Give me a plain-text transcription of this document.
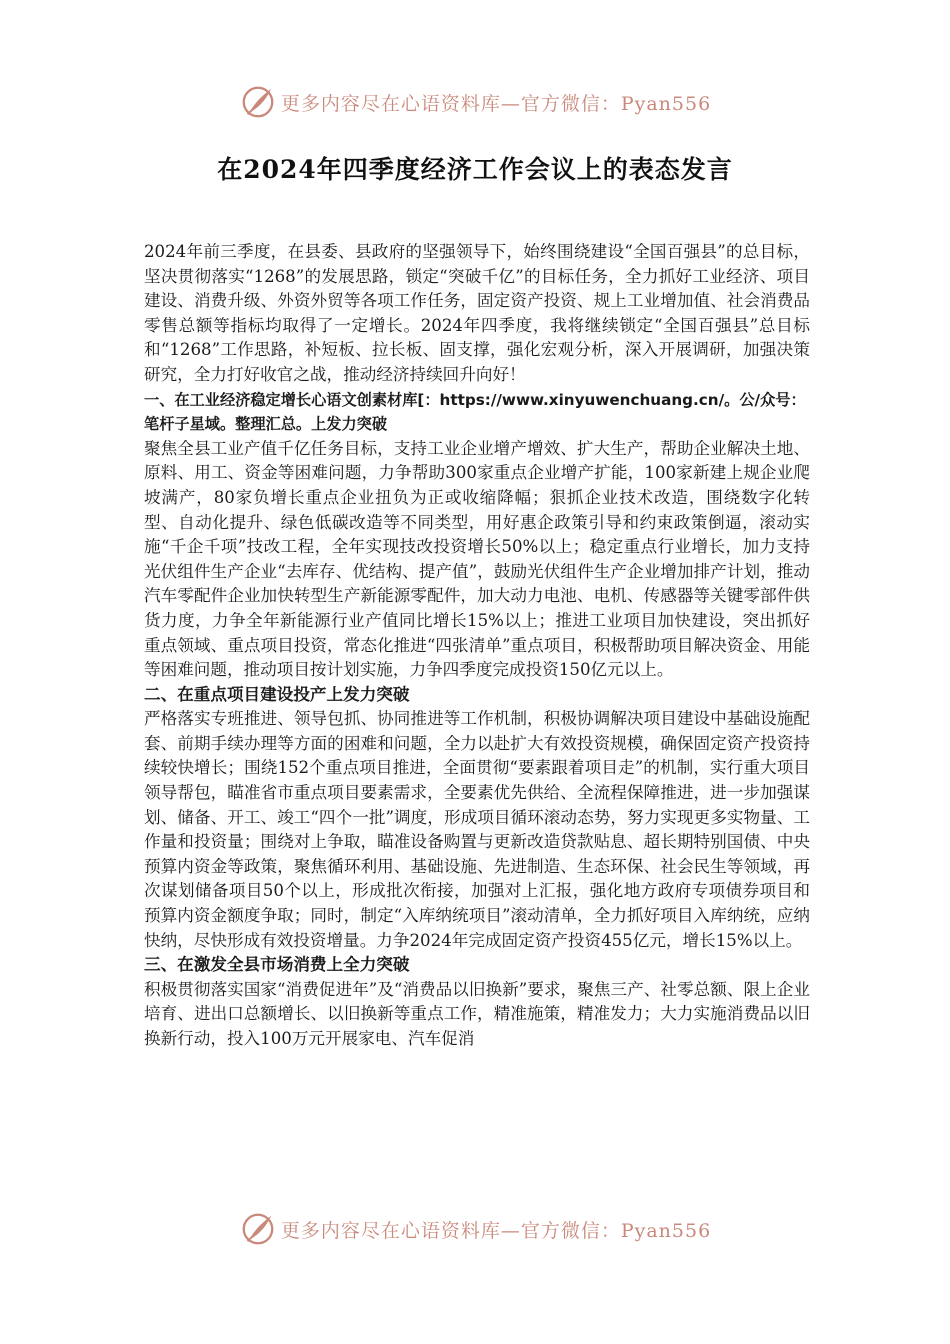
更多内容尽在心语资料库—官方微信：Pyan556
在2024年四季度经济工作会议上的表态发言

2024年前三季度，在县委、县政府的坚强领导下，始终围绕建设“全国百强县”的总目标，坚决贯彻落实“1268”的发展思路，锁定“突破千亿”的目标任务，全力抓好工业经济、项目建设、消费升级、外资外贸等各项工作任务，固定资产投资、规上工业增加值、社会消费品零售总额等指标均取得了一定增长。2024年四季度，我将继续锁定“全国百强县”总目标和“1268”工作思路，补短板、拉长板、固支撑，强化宏观分析，深入开展调研，加强决策研究，全力打好收官之战，推动经济持续回升向好！

一、在工业经济稳定增长心语文创素材库[：https://www.xinyuwenchuang.cn/。公/众号：笔杆子星域。整理汇总。上发力突破

聚焦全县工业产值千亿任务目标，支持工业企业增产增效、扩大生产，帮助企业解决土地、原料、用工、资金等困难问题，力争帮助300家重点企业增产扩能，100家新建上规企业爬坡满产，80家负增长重点企业扭负为正或收缩降幅；狠抓企业技术改造，围绕数字化转型、自动化提升、绿色低碳改造等不同类型，用好惠企政策引导和约束政策倒逼，滚动实施“千企千项”技改工程，全年实现技改投资增长50%以上；稳定重点行业增长，加力支持光伏组件生产企业“去库存、优结构、提产值”，鼓励光伏组件生产企业增加排产计划，推动汽车零配件企业加快转型生产新能源零配件，加大动力电池、电机、传感器等关键零部件供货力度，力争全年新能源行业产值同比增长15%以上；推进工业项目加快建设，突出抓好重点领域、重点项目投资，常态化推进“四张清单”重点项目，积极帮助项目解决资金、用能等困难问题，推动项目按计划实施，力争四季度完成投资150亿元以上。

二、在重点项目建设投产上发力突破

严格落实专班推进、领导包抓、协同推进等工作机制，积极协调解决项目建设中基础设施配套、前期手续办理等方面的困难和问题，全力以赴扩大有效投资规模，确保固定资产投资持续较快增长；围绕152个重点项目推进，全面贯彻“要素跟着项目走”的机制，实行重大项目领导帮包，瞄准省市重点项目要素需求，全要素优先供给、全流程保障推进，进一步加强谋划、储备、开工、竣工“四个一批”调度，形成项目循环滚动态势，努力实现更多实物量、工作量和投资量；围绕对上争取，瞄准设备购置与更新改造贷款贴息、超长期特别国债、中央预算内资金等政策，聚焦循环利用、基础设施、先进制造、生态环保、社会民生等领域，再次谋划储备项目50个以上，形成批次衔接，加强对上汇报，强化地方政府专项债券项目和预算内资金额度争取；同时，制定“入库纳统项目”滚动清单，全力抓好项目入库纳统，应纳快纳，尽快形成有效投资增量。力争2024年完成固定资产投资455亿元，增长15%以上。

三、在激发全县市场消费上全力突破

积极贯彻落实国家“消费促进年”及“消费品以旧换新”要求，聚焦三产、社零总额、限上企业培育、进出口总额增长、以旧换新等重点工作，精准施策，精准发力；大力实施消费品以旧换新行动，投入100万元开展家电、汽车促消

更多内容尽在心语资料库—官方微信：Pyan556
